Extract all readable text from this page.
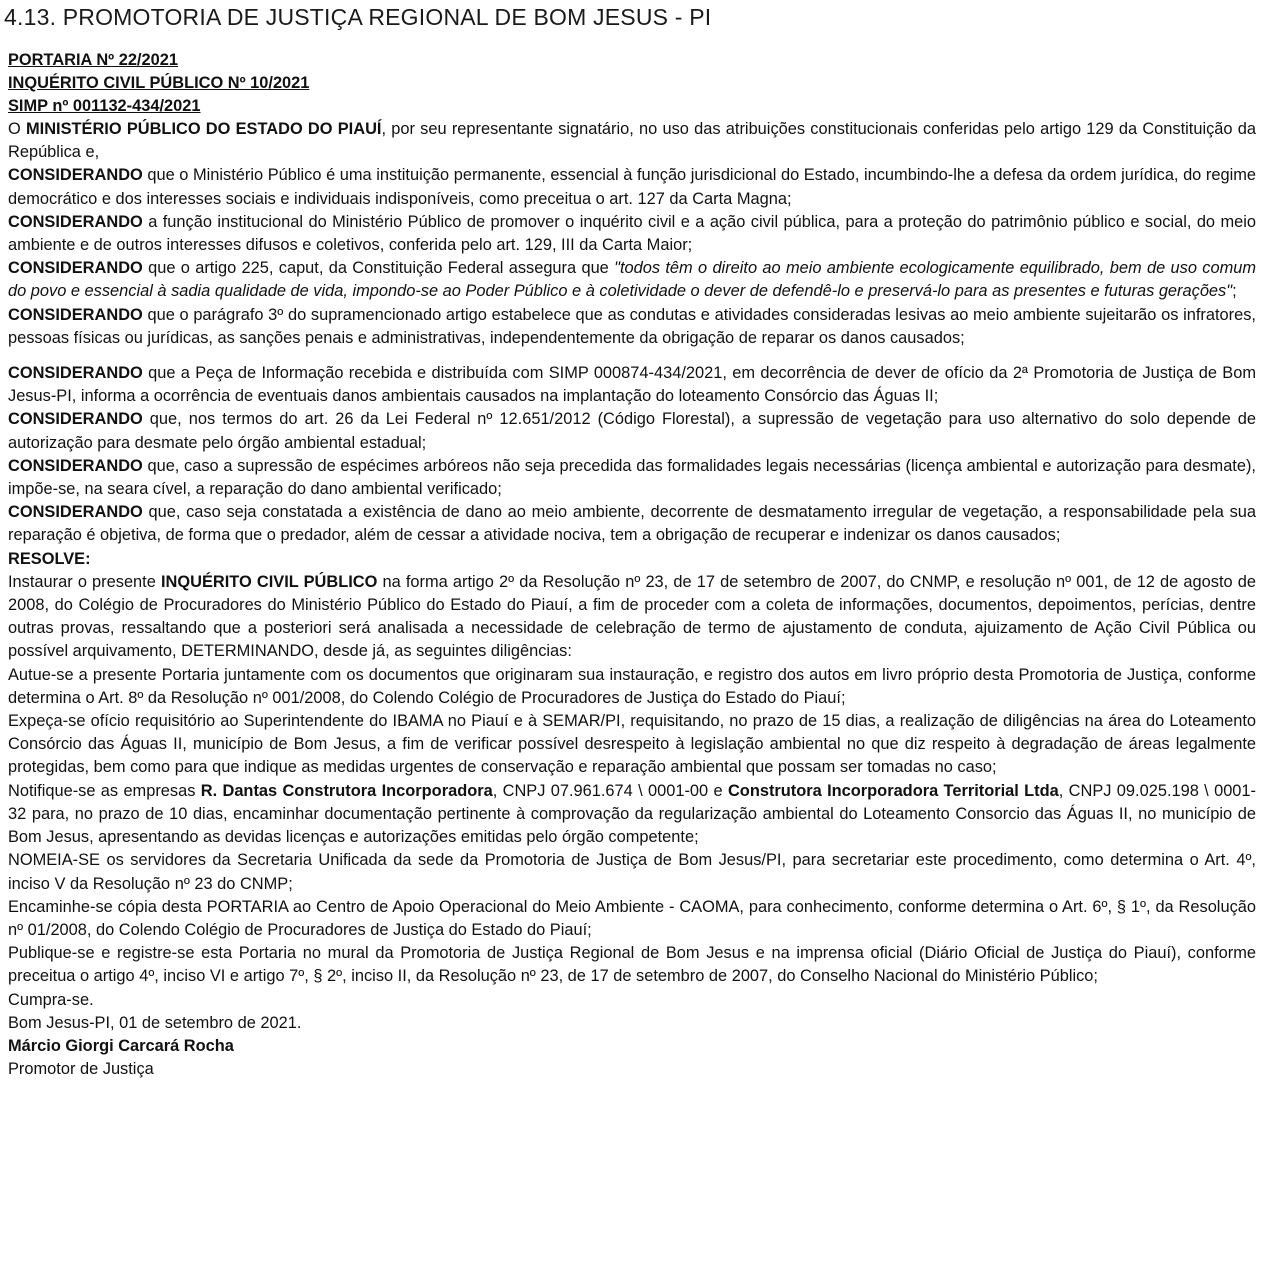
4.13. PROMOTORIA DE JUSTIÇA REGIONAL DE BOM JESUS - PI
PORTARIA Nº 22/2021
INQUÉRITO CIVIL PÚBLICO Nº 10/2021
SIMP nº 001132-434/2021

O MINISTÉRIO PÚBLICO DO ESTADO DO PIAUÍ, por seu representante signatário, no uso das atribuições constitucionais conferidas pelo artigo 129 da Constituição da República e,

CONSIDERANDO que o Ministério Público é uma instituição permanente, essencial à função jurisdicional do Estado, incumbindo-lhe a defesa da ordem jurídica, do regime democrático e dos interesses sociais e individuais indisponíveis, como preceitua o art. 127 da Carta Magna;

CONSIDERANDO a função institucional do Ministério Público de promover o inquérito civil e a ação civil pública, para a proteção do patrimônio público e social, do meio ambiente e de outros interesses difusos e coletivos, conferida pelo art. 129, III da Carta Maior;

CONSIDERANDO que o artigo 225, caput, da Constituição Federal assegura que "todos têm o direito ao meio ambiente ecologicamente equilibrado, bem de uso comum do povo e essencial à sadia qualidade de vida, impondo-se ao Poder Público e à coletividade o dever de defendê-lo e preservá-lo para as presentes e futuras gerações";

CONSIDERANDO que o parágrafo 3º do supramencionado artigo estabelece que as condutas e atividades consideradas lesivas ao meio ambiente sujeitarão os infratores, pessoas físicas ou jurídicas, as sanções penais e administrativas, independentemente da obrigação de reparar os danos causados;

CONSIDERANDO que a Peça de Informação recebida e distribuída com SIMP 000874-434/2021, em decorrência de dever de ofício da 2ª Promotoria de Justiça de Bom Jesus-PI, informa a ocorrência de eventuais danos ambientais causados na implantação do loteamento Consórcio das Águas II;

CONSIDERANDO que, nos termos do art. 26 da Lei Federal nº 12.651/2012 (Código Florestal), a supressão de vegetação para uso alternativo do solo depende de autorização para desmate pelo órgão ambiental estadual;

CONSIDERANDO que, caso a supressão de espécimes arbóreos não seja precedida das formalidades legais necessárias (licença ambiental e autorização para desmate), impõe-se, na seara cível, a reparação do dano ambiental verificado;

CONSIDERANDO que, caso seja constatada a existência de dano ao meio ambiente, decorrente de desmatamento irregular de vegetação, a responsabilidade pela sua reparação é objetiva, de forma que o predador, além de cessar a atividade nociva, tem a obrigação de recuperar e indenizar os danos causados;

RESOLVE:

Instaurar o presente INQUÉRITO CIVIL PÚBLICO na forma artigo 2º da Resolução nº 23, de 17 de setembro de 2007, do CNMP, e resolução nº 001, de 12 de agosto de 2008, do Colégio de Procuradores do Ministério Público do Estado do Piauí, a fim de proceder com a coleta de informações, documentos, depoimentos, perícias, dentre outras provas, ressaltando que a posteriori será analisada a necessidade de celebração de termo de ajustamento de conduta, ajuizamento de Ação Civil Pública ou possível arquivamento, DETERMINANDO, desde já, as seguintes diligências:

Autue-se a presente Portaria juntamente com os documentos que originaram sua instauração, e registro dos autos em livro próprio desta Promotoria de Justiça, conforme determina o Art. 8º da Resolução nº 001/2008, do Colendo Colégio de Procuradores de Justiça do Estado do Piauí;

Expeça-se ofício requisitório ao Superintendente do IBAMA no Piauí e à SEMAR/PI, requisitando, no prazo de 15 dias, a realização de diligências na área do Loteamento Consórcio das Águas II, município de Bom Jesus, a fim de verificar possível desrespeito à legislação ambiental no que diz respeito à degradação de áreas legalmente protegidas, bem como para que indique as medidas urgentes de conservação e reparação ambiental que possam ser tomadas no caso;

Notifique-se as empresas R. Dantas Construtora Incorporadora, CNPJ 07.961.674 \ 0001-00 e Construtora Incorporadora Territorial Ltda, CNPJ 09.025.198 \ 0001-32 para, no prazo de 10 dias, encaminhar documentação pertinente à comprovação da regularização ambiental do Loteamento Consorcio das Águas II, no município de Bom Jesus, apresentando as devidas licenças e autorizações emitidas pelo órgão competente;

NOMEIA-SE os servidores da Secretaria Unificada da sede da Promotoria de Justiça de Bom Jesus/PI, para secretariar este procedimento, como determina o Art. 4º, inciso V da Resolução nº 23 do CNMP;

Encaminhe-se cópia desta PORTARIA ao Centro de Apoio Operacional do Meio Ambiente - CAOMA, para conhecimento, conforme determina o Art. 6º, § 1º, da Resolução nº 01/2008, do Colendo Colégio de Procuradores de Justiça do Estado do Piauí;

Publique-se e registre-se esta Portaria no mural da Promotoria de Justiça Regional de Bom Jesus e na imprensa oficial (Diário Oficial de Justiça do Piauí), conforme preceitua o artigo 4º, inciso VI e artigo 7º, § 2º, inciso II, da Resolução nº 23, de 17 de setembro de 2007, do Conselho Nacional do Ministério Público;

Cumpra-se.

Bom Jesus-PI, 01 de setembro de 2021.

Márcio Giorgi Carcará Rocha

Promotor de Justiça
